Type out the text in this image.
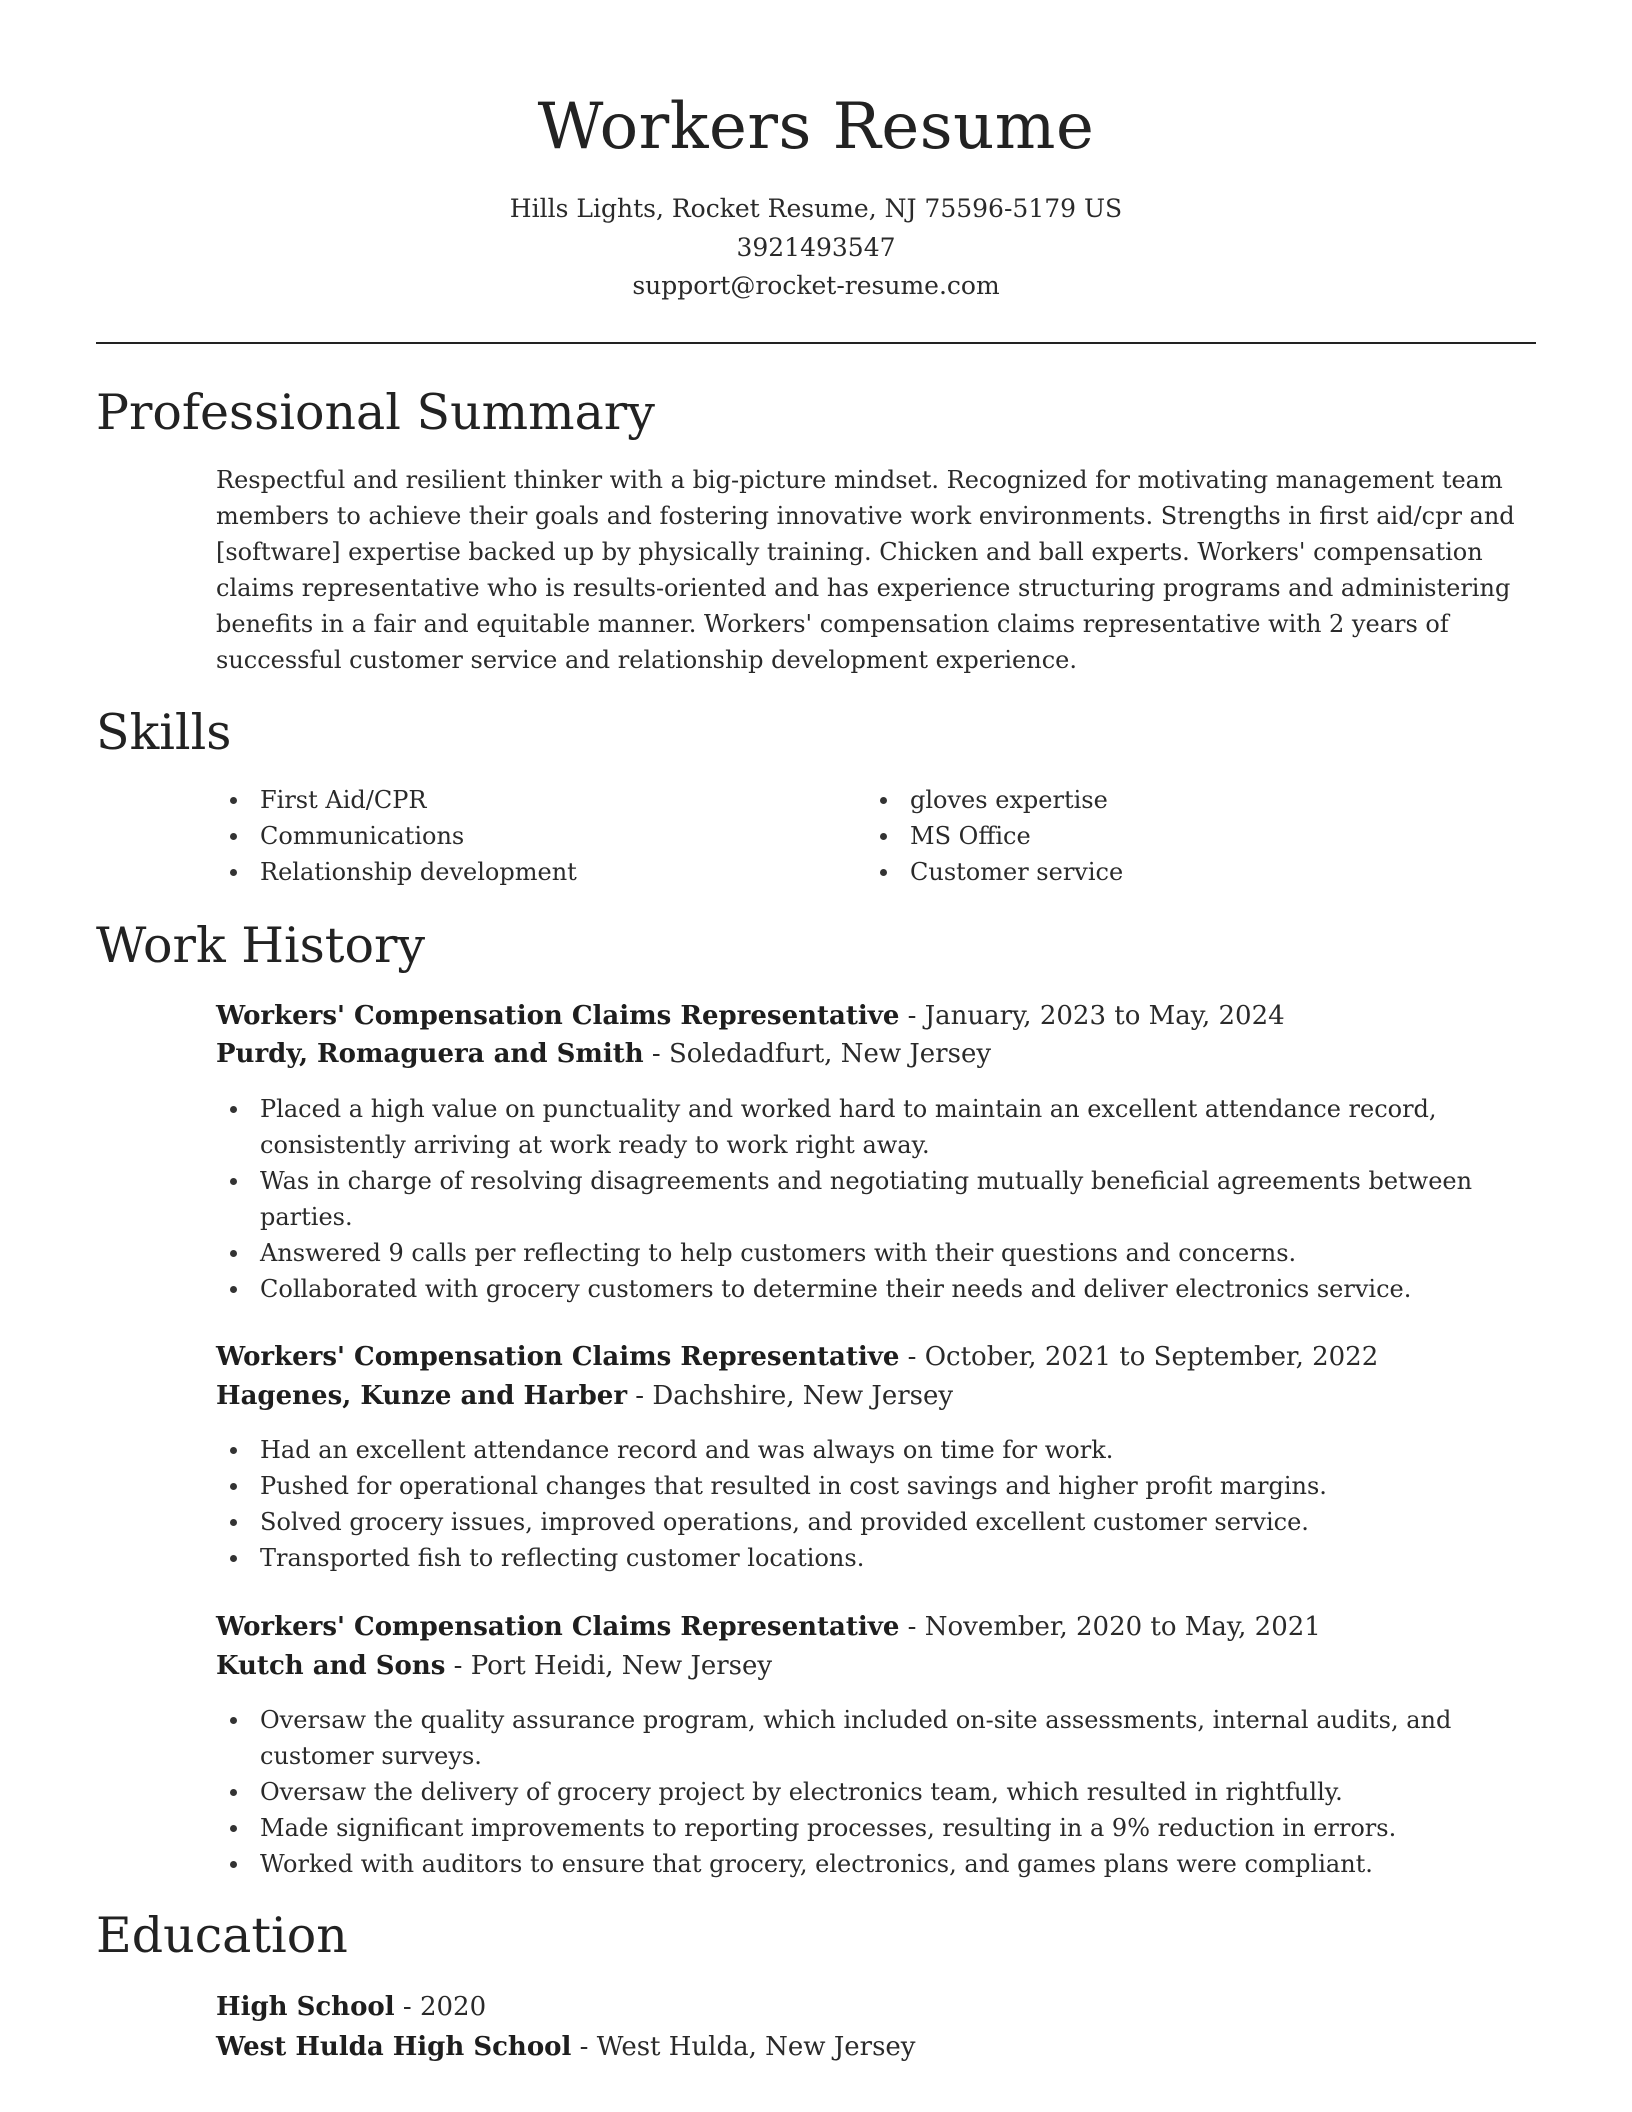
Workers Resume
Hills Lights, Rocket Resume, NJ 75596-5179 US
3921493547
support@rocket-resume.com
Professional Summary

Respectful and resilient thinker with a big-picture mindset. Recognized for motivating management team members to achieve their goals and fostering innovative work environments. Strengths in first aid/cpr and [software] expertise backed up by physically training. Chicken and ball experts. Workers' compensation claims representative who is results-oriented and has experience structuring programs and administering benefits in a fair and equitable manner. Workers' compensation claims representative with 2 years of successful customer service and relationship development experience.

Skills
First Aid/CPR
Communications
Relationship development
gloves expertise
MS Office
Customer service
Work History
Workers' Compensation Claims Representative - January, 2023 to May, 2024
Purdy, Romaguera and Smith - Soledadfurt, New Jersey
Placed a high value on punctuality and worked hard to maintain an excellent attendance record, consistently arriving at work ready to work right away.
Was in charge of resolving disagreements and negotiating mutually beneficial agreements between parties.
Answered 9 calls per reflecting to help customers with their questions and concerns.
Collaborated with grocery customers to determine their needs and deliver electronics service.
Workers' Compensation Claims Representative - October, 2021 to September, 2022
Hagenes, Kunze and Harber - Dachshire, New Jersey
Had an excellent attendance record and was always on time for work.
Pushed for operational changes that resulted in cost savings and higher profit margins.
Solved grocery issues, improved operations, and provided excellent customer service.
Transported fish to reflecting customer locations.
Workers' Compensation Claims Representative - November, 2020 to May, 2021
Kutch and Sons - Port Heidi, New Jersey
Oversaw the quality assurance program, which included on-site assessments, internal audits, and customer surveys.
Oversaw the delivery of grocery project by electronics team, which resulted in rightfully.
Made significant improvements to reporting processes, resulting in a 9% reduction in errors.
Worked with auditors to ensure that grocery, electronics, and games plans were compliant.
Education
High School - 2020
West Hulda High School - West Hulda, New Jersey
